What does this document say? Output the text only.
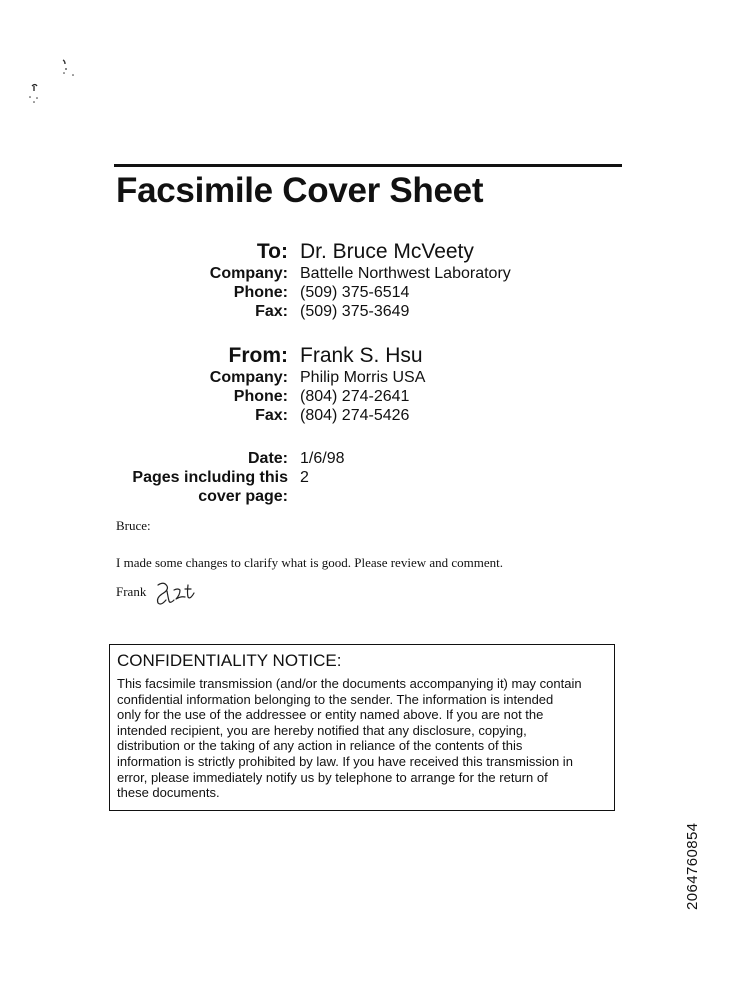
Facsimile Cover Sheet
To: Dr. Bruce McVeety
Company: Battelle Northwest Laboratory
Phone: (509) 375-6514
Fax: (509) 375-3649
From: Frank S. Hsu
Company: Philip Morris USA
Phone: (804) 274-2641
Fax: (804) 274-5426
Date: 1/6/98
Pages including this 2
cover page:
Bruce:
I made some changes to clarify what is good. Please review and comment.
Frank
CONFIDENTIALITY NOTICE:
This facsimile transmission (and/or the documents accompanying it) may contain
confidential information belonging to the sender. The information is intended
only for the use of the addressee or entity named above. If you are not the
intended recipient, you are hereby notified that any disclosure, copying,
distribution or the taking of any action in reliance of the contents of this
information is strictly prohibited by law. If you have received this transmission in
error, please immediately notify us by telephone to arrange for the return of
these documents.
2064760854
